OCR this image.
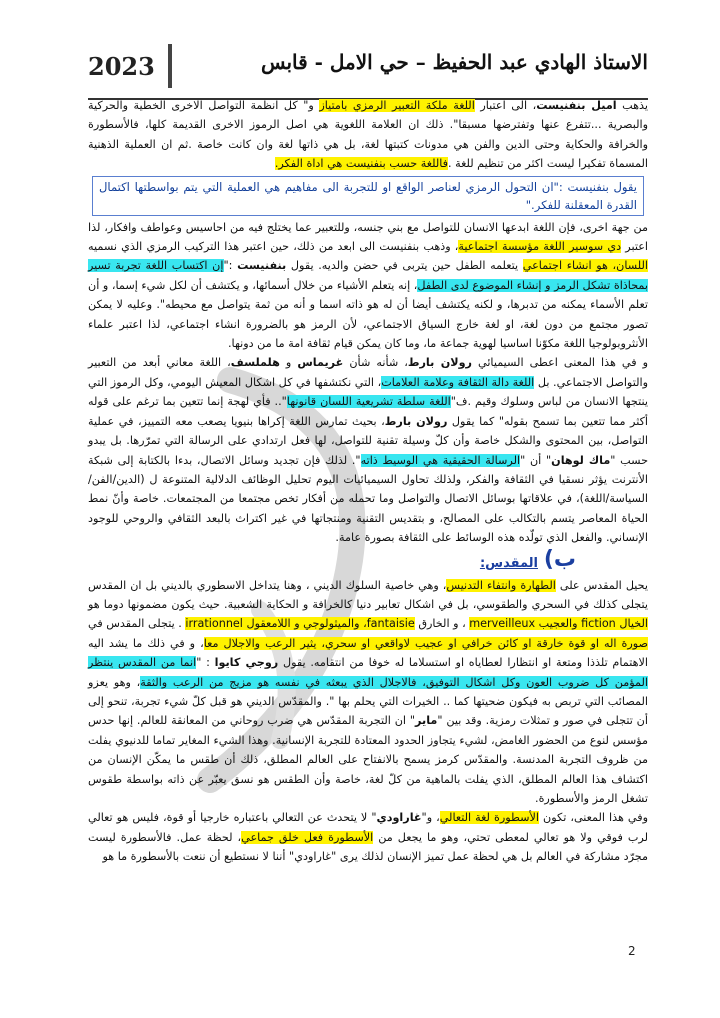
2023	الاستاذ الهادي عبد الحفيظ – حي الامل - قابس

يذهب اميل بنفنيست، الى اعتبار اللغة ملكة التعبير الرمزي بامتياز و" كل انظمة التواصل الاخرى الخطية والحركية والبصرية ...تتفرع عنها وتفترضها مسبقا". ذلك ان العلامة اللغوية هي اصل الرموز الاخرى القديمة كلها، فالأسطورة والخرافة والحكاية وحتى الدين والفن هي مدونات كتبتها لغة، بل هي ذاتها لغة وان كانت خاصة .ثم ان العملية الذهنية المسماة تفكيرا ليست اكثر من تنظيم للغة .فاللغة حسب بنفنيست هي اداة الفكر.

يقول بنفنيست :"ان التحول الرمزي لعناصر الواقع او للتجربة الى مفاهيم هي العملية التي يتم بواسطتها اكتمال القدرة المعقلنة للفكر."

من جهة اخرى، فإن اللغة ابدعها الانسان للتواصل مع بني جنسه، وللتعبير عما يختلج فيه من احاسيس وعواطف وافكار، لذا اعتبر دي سوسير اللغة مؤسسة اجتماعية، وذهب بنفنيست الى ابعد من ذلك، حين اعتبر هذا التركيب الرمزي الذي نسميه اللسان، هو انشاء اجتماعي يتعلمه الطفل حين يتربى في حضن والديه. يقول بنفنيست :"إن اكتساب اللغة تجربة تسير بمحاذاة تشكل الرمز و إنشاء الموضوع لدى الطفل، إنه يتعلم الأشياء من خلال أسمائها، و يكتشف أن لكل شيء إسما، و أن تعلم الأسماء يمكنه من تدبرها، و لكنه يكتشف أيضا أن له هو ذاته اسما و أنه من ثمة يتواصل مع محيطه". وعليه لا يمكن تصور مجتمع من دون لغة، او لغة خارج السياق الاجتماعي، لأن الرمز هو بالضرورة انشاء اجتماعي، لذا اعتبر علماء الأنثروبولوجيا اللغة مكوّنا اساسيا لهوية جماعة ما، وما كان يمكن قيام ثقافة امة ما من دونها.

و في هذا المعنى اعطى السيميائي رولان بارط، شأنه شأن غريماس و هلملسف، اللغة معاني أبعد من التعبير والتواصل الاجتماعي. بل اللغة دالة الثقافة وعلامة العلامات، التي نكتشفها في كل اشكال المعيش اليومي، وكل الرموز التي ينتجها الانسان من لباس وسلوك وقيم .ف"اللغة سلطة تشريعية اللسان قانونها".. فأي لهجة إنما تتعين بما ترغم على قوله أكثر مما تتعين بما تسمح بقوله" كما يقول رولان بارط، بحيث تمارس اللغة إكراها بنيويا يصعب معه التمييز، في عملية التواصل، بين المحتوى والشكل خاصة وأن كلّ وسيلة تقنية للتواصل، لها فعل ارتدادي على الرسالة التي تمرّرها. بل يبدو حسب "ماك لوهان" أن "الرسالة الحقيقية هي الوسيط ذاته". لذلك فإن تجديد وسائل الاتصال، بدءا بالكتابة إلى شبكة الأنترنت يؤثر نسقيا في الثقافة والفكر، ولذلك تحاول السيميائيات اليوم تحليل الوظائف الدلالية المتنوعة ل (الدين/الفن/السياسة/اللغة)، في علاقاتها بوسائل الاتصال والتواصل وما تحمله من أفكار تخص مجتمعا من المجتمعات. خاصة وأنّ نمط الحياة المعاصر يتسم بالتكالب على المصالح، و بتقديس التقنية ومنتجاتها في غير اكتراث بالبعد الثقافي والروحي للوجود الإنساني. والفعل الذي تولّده هذه الوسائط على الثقافة بصورة عامة.

ب)
المقدس:

يحيل المقدس على الطهارة وانتفاء التدنيس، وهي خاصية السلوك الديني ، وهنا يتداخل الاسطوري بالديني بل ان المقدس يتجلى كذلك في السحري والطقوسي، بل في اشكال تعابير دنيا كالخرافة و الحكاية الشعبية. حيث يكون مضمونها دوما هو الخيال fiction والعجيب merveilleux ، و الخارق fantaisie، والميثولوجي و اللامعقول irrationnel . يتجلى المقدس في صورة اله او قوة خارقة او كائن خرافي او عجيب لاواقعي او سحري، يثير الرعب والاجلال معا، و في ذلك ما يشد اليه الاهتمام تلذذا ومتعة او انتظارا لعطاياه او استسلاما له خوفا من انتقامه. يقول روجي كايوا : "انما من المقدس ينتظر المؤمن كل ضروب العون وكل اشكال التوفيق، فالاجلال الذي يبعثه في نفسه هو مزيج من الرعب والثقة، وهو يعزو المصائب التي تربص به فيكون ضحيتها كما .. الخيرات التي يحلم بها ". والمقدّس الديني هو قبل كلّ شيء تجربة، تنحو إلى أن تتجلى في صور و تمثلات رمزية. وقد بين "ماير" ان التجربة المقدّس هي ضرب روحاني من المعانقة للعالم. إنها حدس مؤسس لنوع من الحضور الغامض، لشيء يتجاوز الحدود المعتادة للتجربة الإنسانية. وهذا الشيء المغاير تماما للدنيوي يفلت من ظروف التجربة المدنسة. والمقدّس كرمز يسمح بالانفتاح على العالم المطلق، ذلك أن طقس ما يمكّن الإنسان من اكتشاف هذا العالم المطلق، الذي يفلت بالماهية من كلّ لغة، خاصة وأن الطقس هو نسق يعبّر عن ذاته بواسطة طقوس تشغل الرمز والأسطورة.

وفي هذا المعنى، تكون الأسطورة لغة التعالي، و"غاراودي" لا يتحدث عن التعالي باعتباره خارجيا أو قوة، فليس هو تعالي لرب فوقي ولا هو تعالي لمعطى تحتي، وهو ما يجعل من الأسطورة فعل خلق جماعي، لحظة عمل. فالأسطورة ليست مجرّد مشاركة في العالم بل هي لحظة عمل تميز الإنسان لذلك يرى "غاراودي" أننا لا نستطيع أن ننعت بالأسطورة ما هو

2
